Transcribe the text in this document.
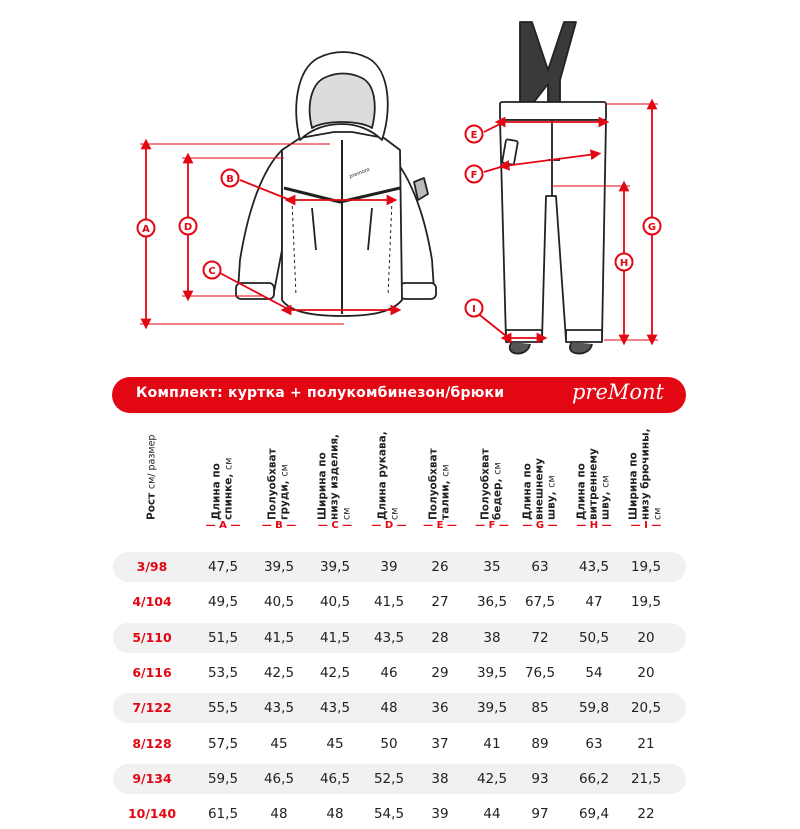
premont
A
B
C
D
E
F
G
H
I
Комплект: куртка + полукомбинезон/брюки	preMont
Рост см/ размер
Длина по спинке, см
— A —
Полуобхват груди, см
— B —
Ширина по низу изделия, см
— C —
Длина рукава, см
— D —
Полуобхват талии, см
— E —
Полуобхват бедер, см
— F —
Длина по внешнему шву, см
— G —
Длина по витреннему шву, см
— H —
Ширина по низу брючины, см
— I —
3/98	47,5	39,5	39,5	39	26	35	63	43,5	19,5
4/104	49,5	40,5	40,5	41,5	27	36,5	67,5	47	19,5
5/110	51,5	41,5	41,5	43,5	28	38	72	50,5	20
6/116	53,5	42,5	42,5	46	29	39,5	76,5	54	20
7/122	55,5	43,5	43,5	48	36	39,5	85	59,8	20,5
8/128	57,5	45	45	50	37	41	89	63	21
9/134	59,5	46,5	46,5	52,5	38	42,5	93	66,2	21,5
10/140	61,5	48	48	54,5	39	44	97	69,4	22
